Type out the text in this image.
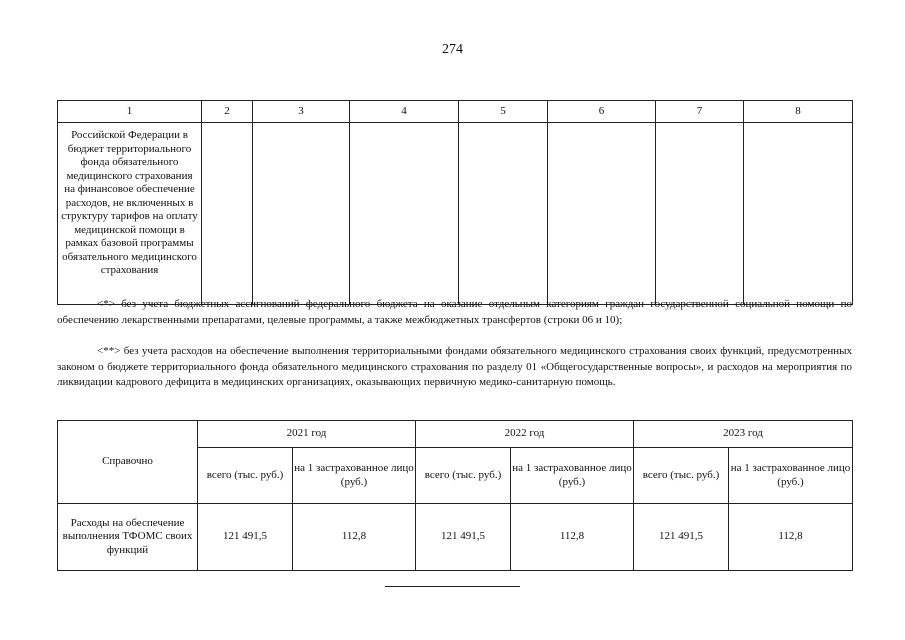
274
1	2	3	4	5	6	7	8
Российской Федерации в бюджет территориального фонда обязательного медицинского страхования на финансовое обеспечение расходов, не включенных в структуру тарифов на оплату медицинской помощи в рамках базовой программы обязательного медицинского страхования							

<*> без учета бюджетных ассигнований федерального бюджета на оказание отдельным категориям граждан государственной социальной помощи по обеспечению лекарственными препаратами, целевые программы, а также межбюджетных трансфертов (строки 06 и 10);

<**> без учета расходов на обеспечение выполнения территориальными фондами обязательного медицинского страхования своих функций, предусмотренных законом о бюджете территориального фонда обязательного медицинского страхования по разделу 01 «Общегосударственные вопросы», и расходов на мероприятия по ликвидации кадрового дефицита в медицинских организациях, оказывающих первичную медико-санитарную помощь.

Справочно	2021 год		2022 год		2023 год	
	всего (тыс. руб.)	на 1 застрахованное лицо (руб.)	всего (тыс. руб.)	на 1 застрахованное лицо (руб.)	всего (тыс. руб.)	на 1 застрахованное лицо (руб.)
Расходы на обеспечение выполнения ТФОМС своих функций	121 491,5	112,8	121 491,5	112,8	121 491,5	112,8
